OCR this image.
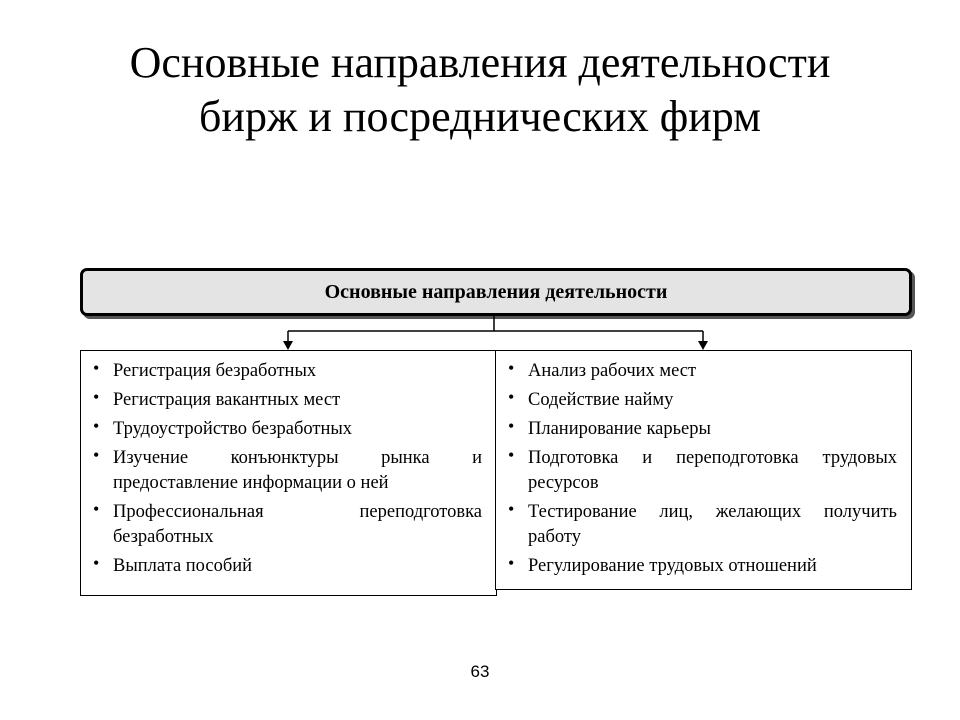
Основные направления деятельности
бирж и посреднических фирм
Основные направления деятельности
• Регистрация безработных
• Регистрация вакантных мест
• Трудоустройство безработных
• Изучение конъюнктуры рынка и предоставление информации о ней
• Профессиональная переподготовка безработных
• Выплата пособий
• Анализ рабочих мест
• Содействие найму
• Планирование карьеры
• Подготовка и переподготовка трудовых ресурсов
• Тестирование лиц, желающих получить работу
• Регулирование трудовых отношений
63
